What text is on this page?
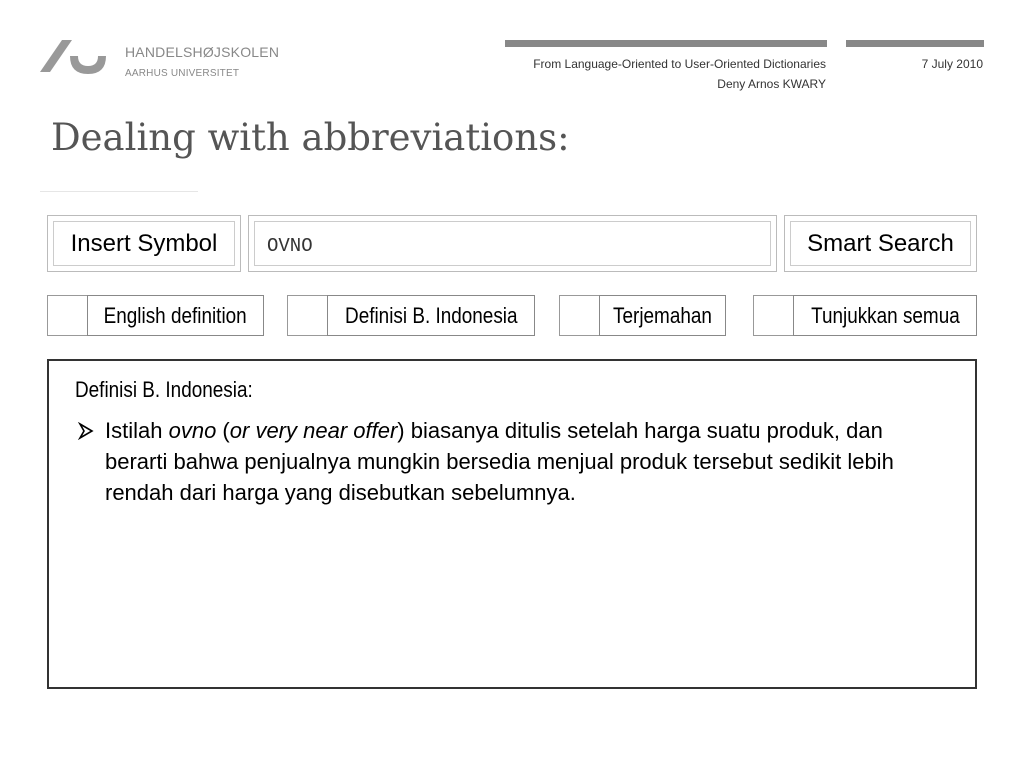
HANDELSHØJSKOLEN
AARHUS UNIVERSITET
From Language-Oriented to User-Oriented Dictionaries
Deny Arnos KWARY
7 July 2010
Dealing with abbreviations:
Insert Symbol
OVNO	Smart Search
English definition	Definisi B. Indonesia	Terjemahan	Tunjukkan semua
Definisi B. Indonesia:
Istilah ovno (or very near offer) biasanya ditulis setelah harga suatu produk, dan berarti bahwa penjualnya mungkin bersedia menjual produk tersebut sedikit lebih rendah dari harga yang disebutkan sebelumnya.
